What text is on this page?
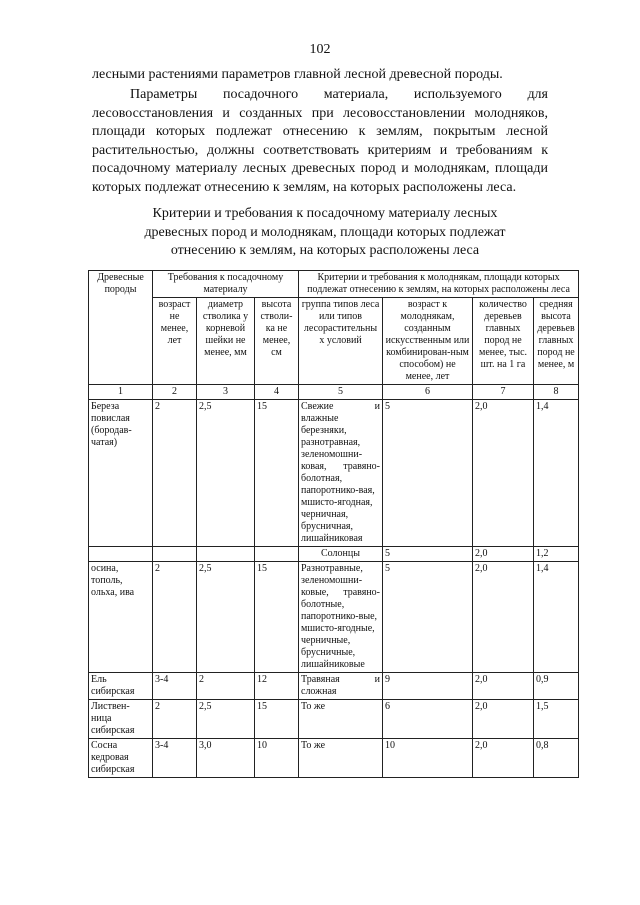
102
лесными растениями параметров главной лесной древесной породы.
Параметры посадочного материала, используемого для лесовосстановления и созданных при лесовосстановлении молодняков, площади которых подлежат отнесению к землям, покрытым лесной растительностью, должны соответствовать критериям и требованиям к посадочному материалу лесных древесных пород и молоднякам, площади которых подлежат отнесению к землям, на которых расположены леса.
Критерии и требования к посадочному материалу лесных
древесных пород и молоднякам, площади которых подлежат
отнесению к землям, на которых расположены леса
Древесные породы	Требования к посадочному материалу			Критерии и требования к молоднякам, площади которых подлежат отнесению к землям, на которых расположены леса			
	возраст не менее, лет	диаметр стволика у корневой шейки не менее, мм	высота стволи-ка не менее, см	группа типов леса или типов лесорастительны х условий	возраст к молоднякам, созданным искусственным или комбинирован-ным способом) не менее, лет	количество деревьев главных пород не менее, тыс. шт. на 1 га	средняя высота деревьев главных пород не менее, м
1	2	3	4	5	6	7	8
Береза повислая (бородав-чатая)	2	2,5	15	Свежие и влажные березняки, разнотравная, зеленомошни-ковая, травяно-болотная, папоротнико-вая, мшисто-ягодная, черничная, брусничная, лишайниковая	5	2,0	1,4
				Солонцы	5	2,0	1,2
осина, тополь, ольха, ива	2	2,5	15	Разнотравные, зеленомошни-ковые, травяно-болотные, папоротнико-вые, мшисто-ягодные, черничные, брусничные, лишайниковые	5	2,0	1,4
Ель сибирская	3-4	2	12	Травяная и сложная	9	2,0	0,9
Листвен-ница сибирская	2	2,5	15	То же	6	2,0	1,5
Сосна кедровая сибирская	3-4	3,0	10	То же	10	2,0	0,8
